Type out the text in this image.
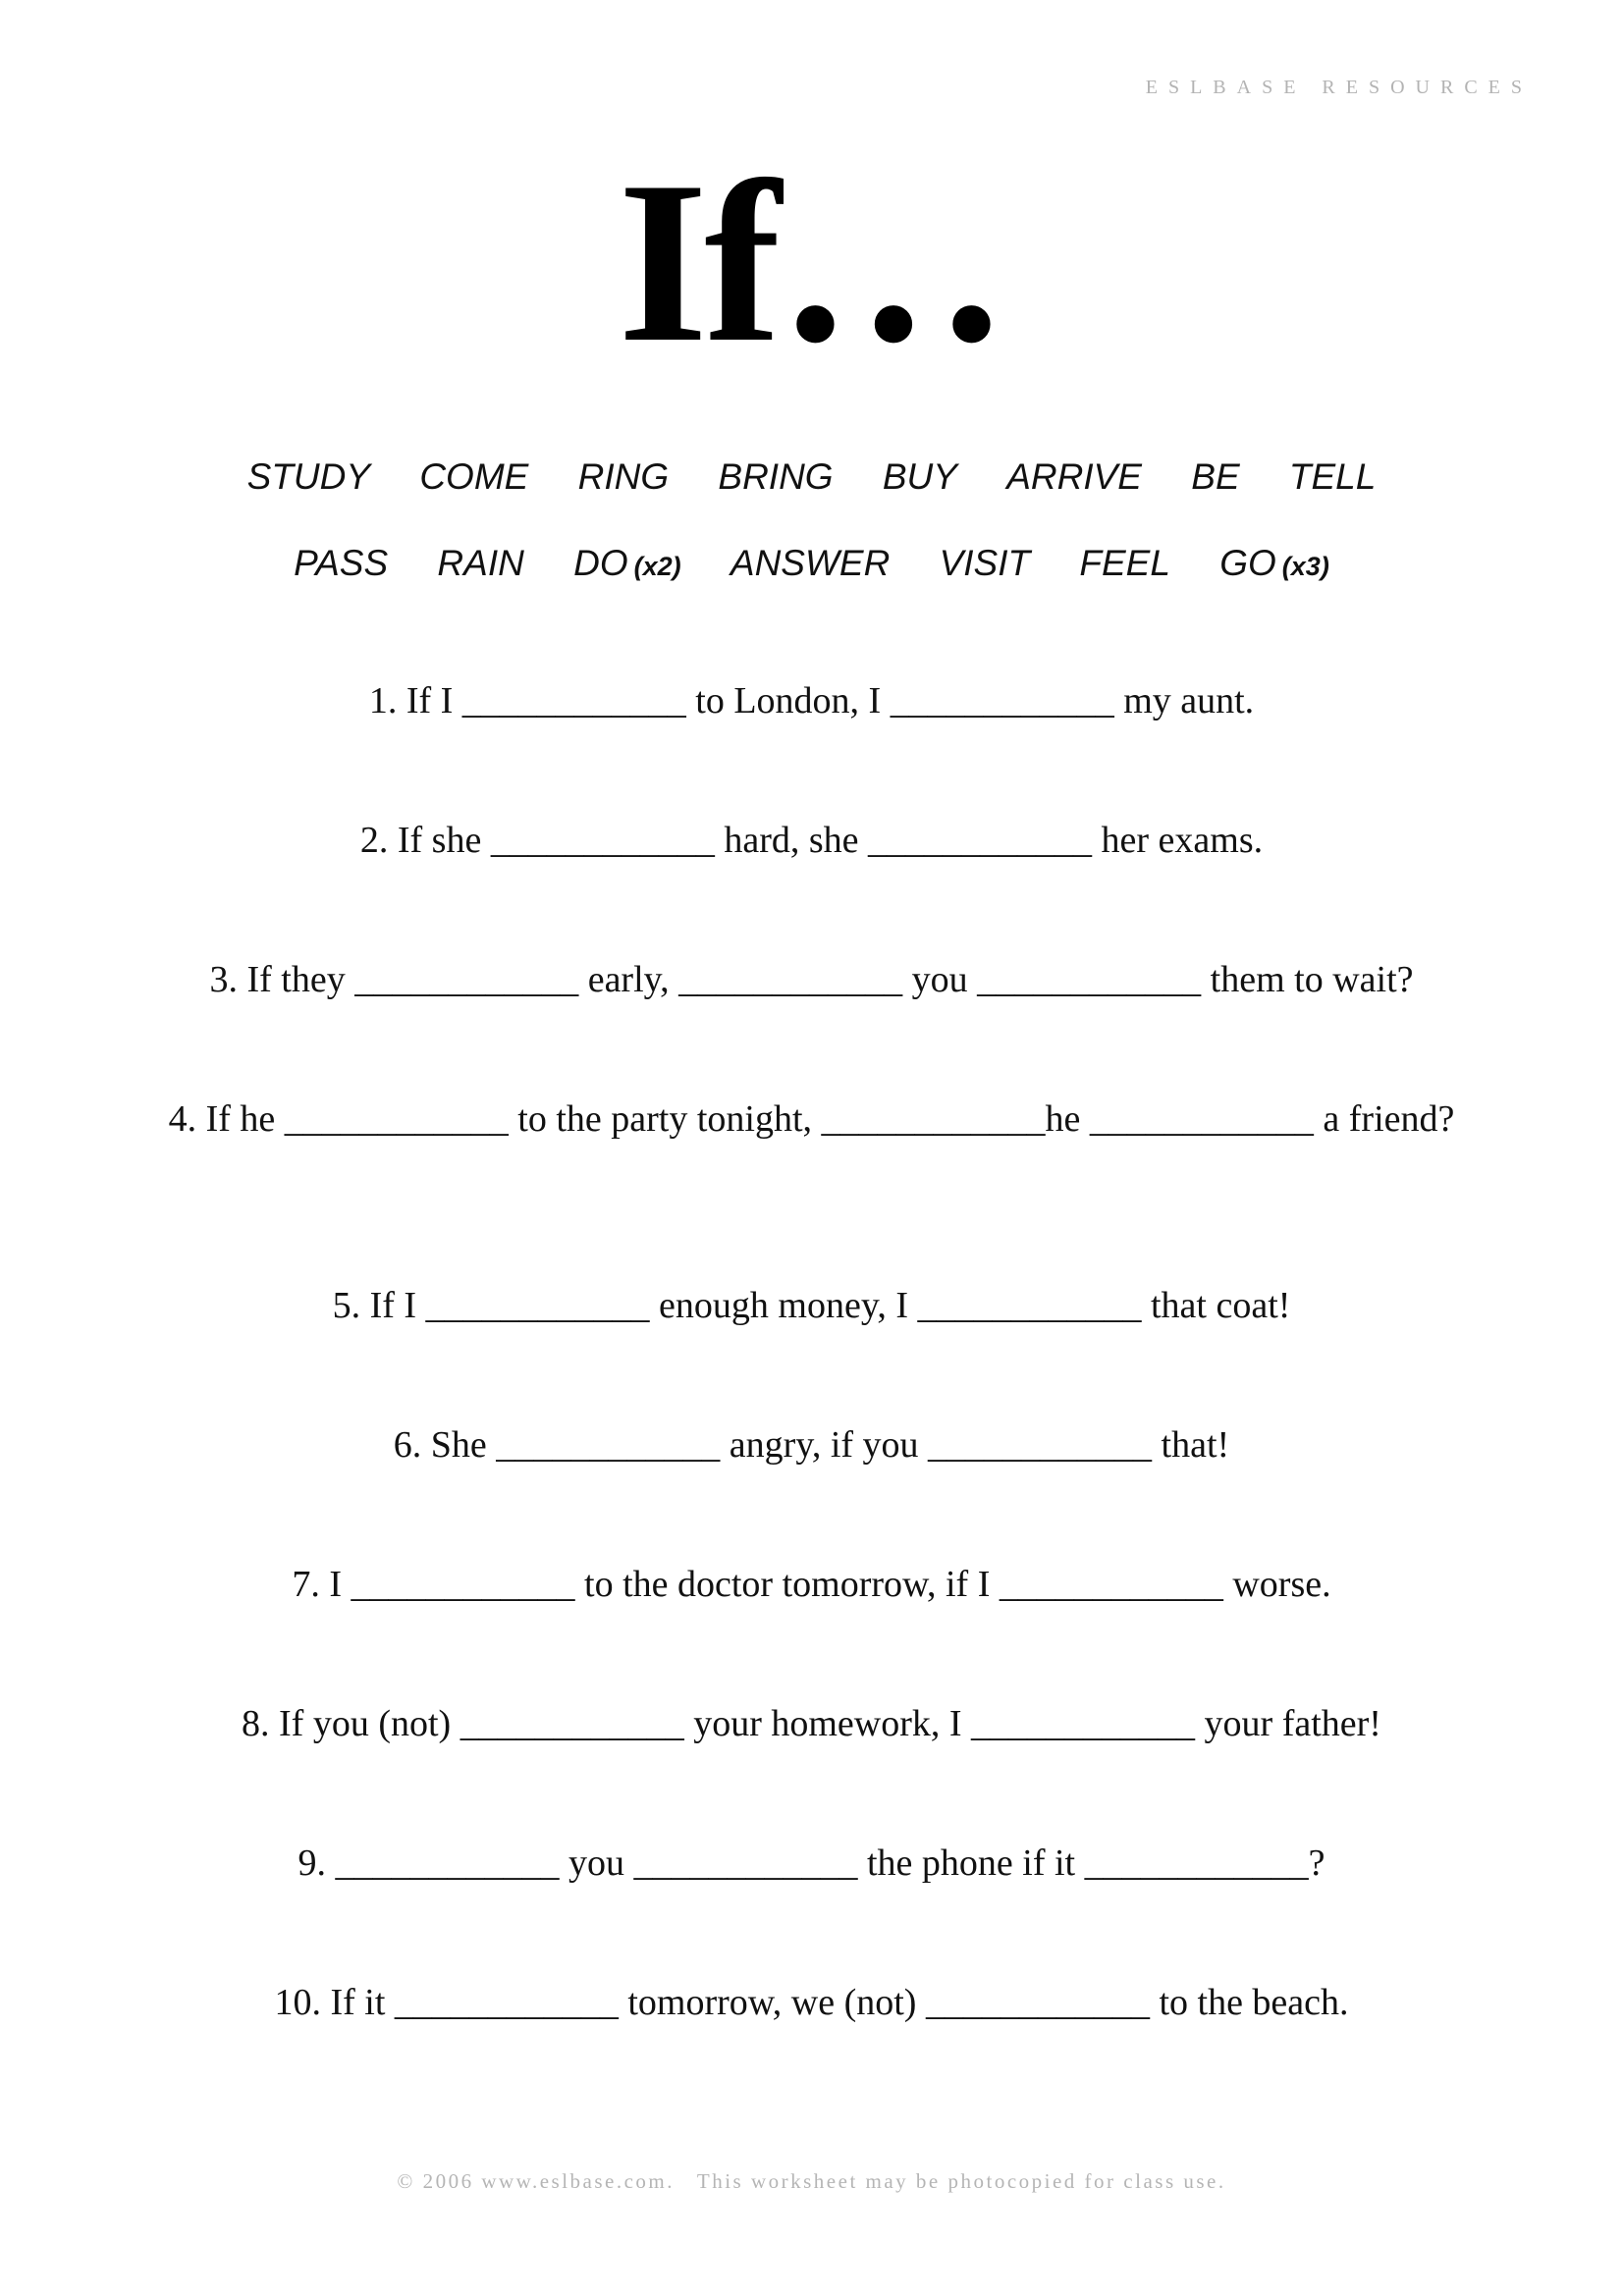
ESLBASE RESOURCES
If…
STUDY COME RING BRING BUY ARRIVE BE TELL
PASS RAIN DO (x2) ANSWER VISIT FEEL GO (x3)
1. If I ____________ to London, I ____________ my aunt.
2. If she ____________ hard, she ____________ her exams.
3. If they ____________ early, ____________ you ____________ them to wait?
4. If he ____________ to the party tonight, ____________he ____________ a friend?
5. If I ____________ enough money, I ____________ that coat!
6. She ____________ angry, if you ____________ that!
7. I ____________ to the doctor tomorrow, if I ____________ worse.
8. If you (not) ____________ your homework, I ____________ your father!
9. ____________ you ____________ the phone if it ____________?
10. If it ____________ tomorrow, we (not) ____________ to the beach.
© 2006 www.eslbase.com.   This worksheet may be photocopied for class use.
